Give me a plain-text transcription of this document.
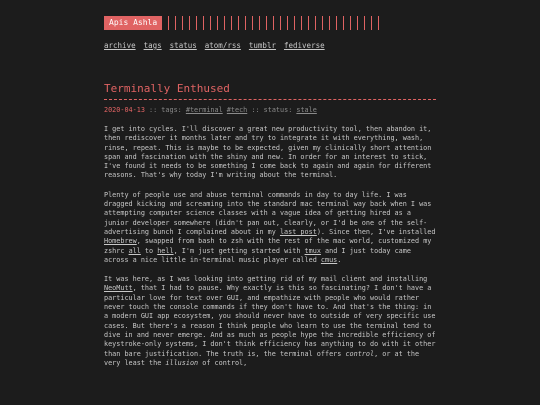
Apis Ashla
archive tags status atom/rss tumblr fediverse
Terminally Enthused
2020-04-13 :: tags: #terminal #tech :: status: stale

I get into cycles. I'll discover a great new productivity tool, then abandon it, then rediscover it months later and try to integrate it with everything, wash, rinse, repeat. This is maybe to be expected, given my clinically short attention span and fascination with the shiny and new. In order for an interest to stick, I've found it needs to be something I come back to again and again for different reasons. That's why today I'm writing about the terminal.

Plenty of people use and abuse terminal commands in day to day life. I was dragged kicking and screaming into the standard mac terminal way back when I was attempting computer science classes with a vague idea of getting hired as a junior developer somewhere (didn't pan out, clearly, or I'd be one of the self-advertising bunch I complained about in my last post). Since then, I've installed Homebrew, swapped from bash to zsh with the rest of the mac world, customized my zshrc all to hell, I'm just getting started with tmux and I just today came across a nice little in-terminal music player called cmus.

It was here, as I was looking into getting rid of my mail client and installing NeoMutt, that I had to pause. Why exactly is this so fascinating? I don't have a particular love for text over GUI, and empathize with people who would rather never touch the console commands if they don't have to. And that's the thing: in a modern GUI app ecosystem, you should never have to outside of very specific use cases. But there's a reason I think people who learn to use the terminal tend to dive in and never emerge. And as much as people hype the incredible efficiency of keystroke-only systems, I don't think efficiency has anything to do with it other than bare justification. The truth is, the terminal offers control, or at the very least the illusion of control,
